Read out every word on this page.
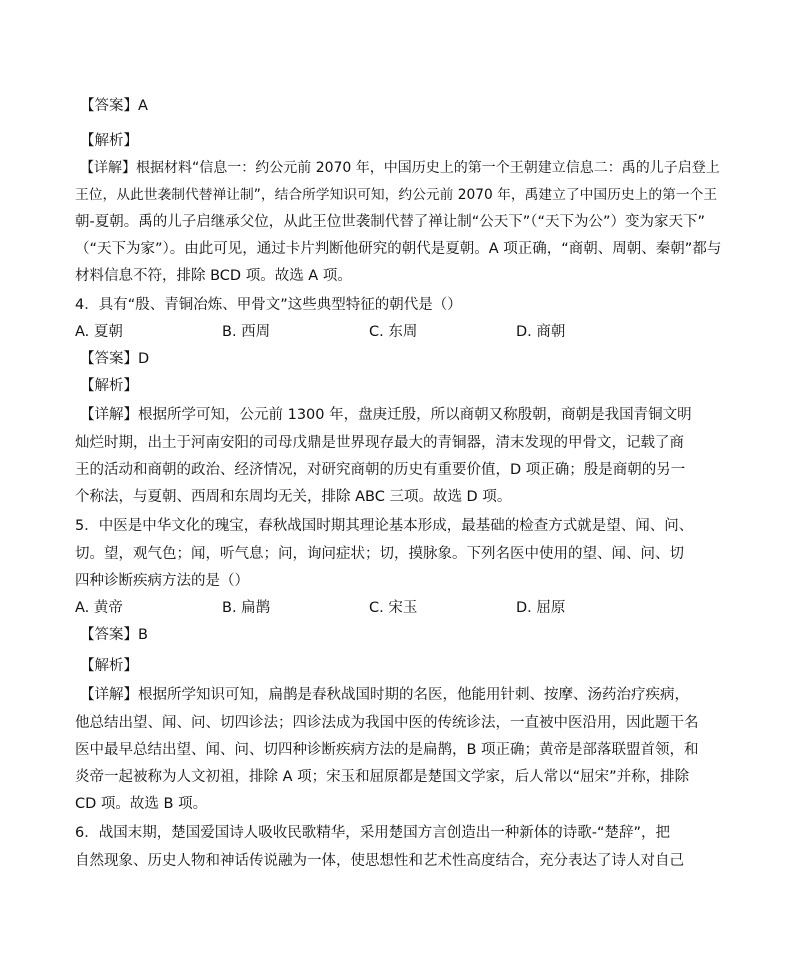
【答案】A
【解析】
【详解】根据材料“信息一：约公元前 2070 年，中国历史上的第一个王朝建立信息二：禹的儿子启登上
王位，从此世袭制代替禅让制”，结合所学知识可知，约公元前 2070 年，禹建立了中国历史上的第一个王
朝-夏朝。禹的儿子启继承父位，从此王位世袭制代替了禅让制“公天下”（“天下为公”）变为家天下”
（“天下为家”）。由此可见，通过卡片判断他研究的朝代是夏朝。A 项正确，“商朝、周朝、秦朝”都与
材料信息不符，排除 BCD 项。故选 A 项。
4．具有“殷、青铜冶炼、甲骨文”这些典型特征的朝代是（）
A. 夏朝	B. 西周	C. 东周	D. 商朝
【答案】D
【解析】
【详解】根据所学可知，公元前 1300 年，盘庚迁殷，所以商朝又称殷朝，商朝是我国青铜文明
灿烂时期，出土于河南安阳的司母戊鼎是世界现存最大的青铜器，清末发现的甲骨文，记载了商
王的活动和商朝的政治、经济情况，对研究商朝的历史有重要价值，D 项正确；殷是商朝的另一
个称法，与夏朝、西周和东周均无关，排除 ABC 三项。故选 D 项。
5．中医是中华文化的瑰宝，春秋战国时期其理论基本形成，最基础的检查方式就是望、闻、问、
切。望，观气色；闻，听气息；问，询问症状；切，摸脉象。下列名医中使用的望、闻、问、切
四种诊断疾病方法的是（）
A. 黄帝	B. 扁鹊	C. 宋玉	D. 屈原
【答案】B
【解析】
【详解】根据所学知识可知，扁鹊是春秋战国时期的名医，他能用针刺、按摩、汤药治疗疾病，
他总结出望、闻、问、切四诊法；四诊法成为我国中医的传统诊法，一直被中医沿用，因此题干名
医中最早总结出望、闻、问、切四种诊断疾病方法的是扁鹊，B 项正确；黄帝是部落联盟首领，和
炎帝一起被称为人文初祖，排除 A 项；宋玉和屈原都是楚国文学家，后人常以“屈宋”并称，排除
CD 项。故选 B 项。
6．战国末期，楚国爱国诗人吸收民歌精华，采用楚国方言创造出一种新体的诗歌-“楚辞”，把
自然现象、历史人物和神话传说融为一体，使思想性和艺术性高度结合，充分表达了诗人对自己
